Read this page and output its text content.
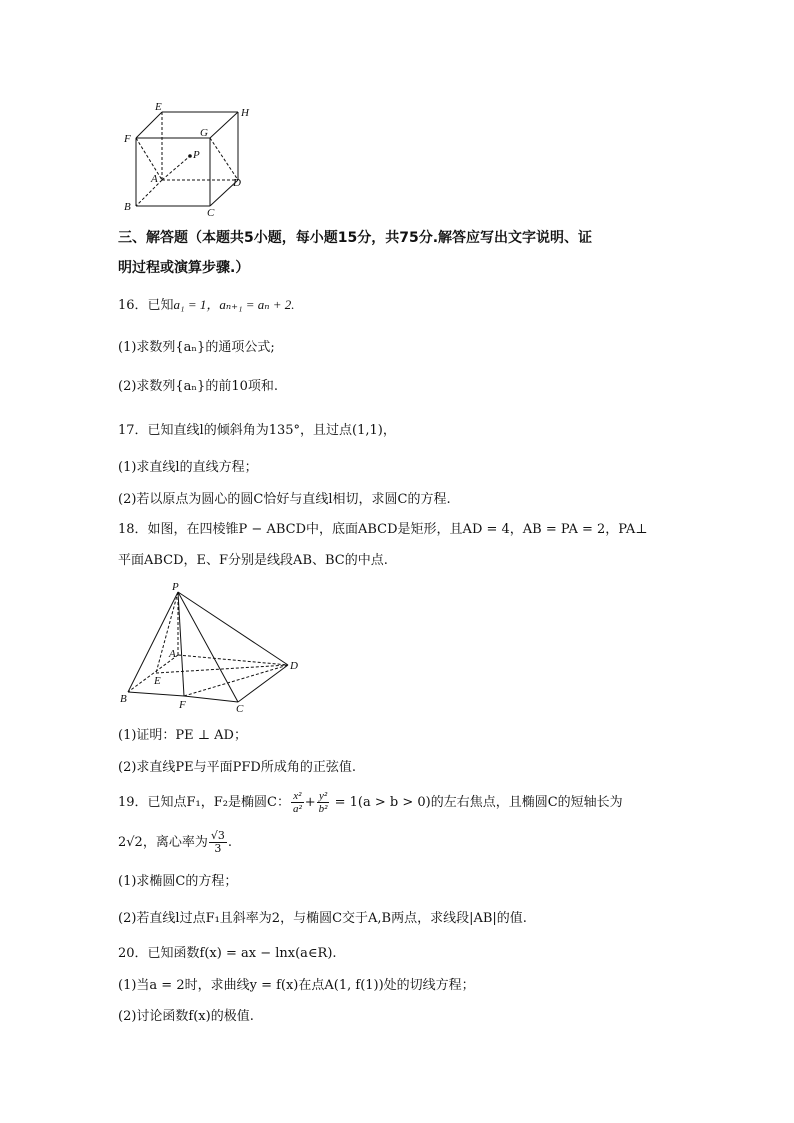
E	H
F	G
P
A	D
B	C
三、解答题（本题共5小题，每小题15分，共75分.解答应写出文字说明、证
明过程或演算步骤.）
16．已知a₁ = 1，aₙ₊₁ = aₙ + 2.
(1)求数列{aₙ}的通项公式;
(2)求数列{aₙ}的前10项和.
17．已知直线l的倾斜角为135°，且过点(1,1)，
(1)求直线l的直线方程；
(2)若以原点为圆心的圆C恰好与直线l相切，求圆C的方程.
18．如图，在四棱锥P − ABCD中，底面ABCD是矩形，且AD = 4，AB = PA = 2，PA⊥
平面ABCD，E、F分别是线段AB、BC的中点.
P
A
D
E
B	F	C
(1)证明：PE ⊥ AD；
(2)求直线PE与平面PFD所成角的正弦值.
19．已知点F₁，F₂是椭圆C： $\frac{\text{x²}}{\text{a²}} + \frac{\text{y²}}{\text{b²}} = 1(a > b > 0)$的左右焦点，且椭圆C的短轴长为
2√2，离心率为 $\frac{√3}{3}$ .
(1)求椭圆C的方程；
(2)若直线l过点F₁且斜率为2，与椭圆C交于A,B两点，求线段|AB|的值.
20．已知函数f(x) = ax − lnx(a∈R).
(1)当a = 2时，求曲线y = f(x)在点A(1, f(1))处的切线方程；
(2)讨论函数f(x)的极值.
